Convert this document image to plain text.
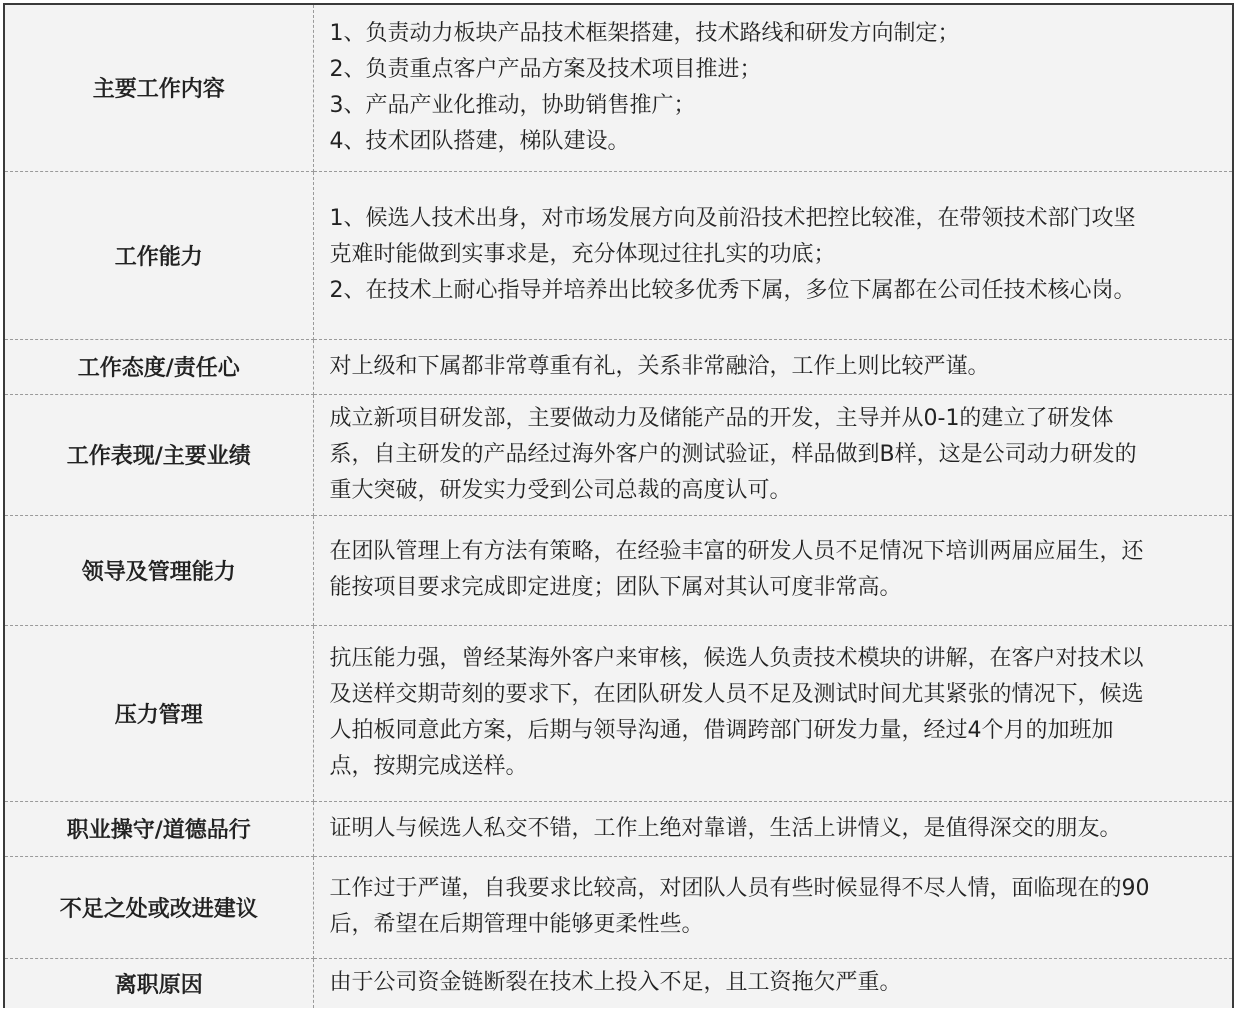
主要工作内容	1、负责动力板块产品技术框架搭建，技术路线和研发方向制定；
2、负责重点客户产品方案及技术项目推进；
3、产品产业化推动，协助销售推广；
4、技术团队搭建，梯队建设。

工作能力	1、候选人技术出身，对市场发展方向及前沿技术把控比较准，在带领技术部门攻坚
克难时能做到实事求是，充分体现过往扎实的功底；
2、在技术上耐心指导并培养出比较多优秀下属，多位下属都在公司任技术核心岗。

工作态度/责任心	对上级和下属都非常尊重有礼，关系非常融洽，工作上则比较严谨。

工作表现/主要业绩	成立新项目研发部，主要做动力及储能产品的开发，主导并从0-1的建立了研发体
系，自主研发的产品经过海外客户的测试验证，样品做到B样，这是公司动力研发的
重大突破，研发实力受到公司总裁的高度认可。

领导及管理能力	在团队管理上有方法有策略，在经验丰富的研发人员不足情况下培训两届应届生，还
能按项目要求完成即定进度；团队下属对其认可度非常高。

压力管理	抗压能力强，曾经某海外客户来审核，候选人负责技术模块的讲解，在客户对技术以
及送样交期苛刻的要求下，在团队研发人员不足及测试时间尤其紧张的情况下，候选
人拍板同意此方案，后期与领导沟通，借调跨部门研发力量，经过4个月的加班加
点，按期完成送样。

职业操守/道德品行	证明人与候选人私交不错，工作上绝对靠谱，生活上讲情义，是值得深交的朋友。

不足之处或改进建议	工作过于严谨，自我要求比较高，对团队人员有些时候显得不尽人情，面临现在的90
后，希望在后期管理中能够更柔性些。

离职原因	由于公司资金链断裂在技术上投入不足，且工资拖欠严重。
